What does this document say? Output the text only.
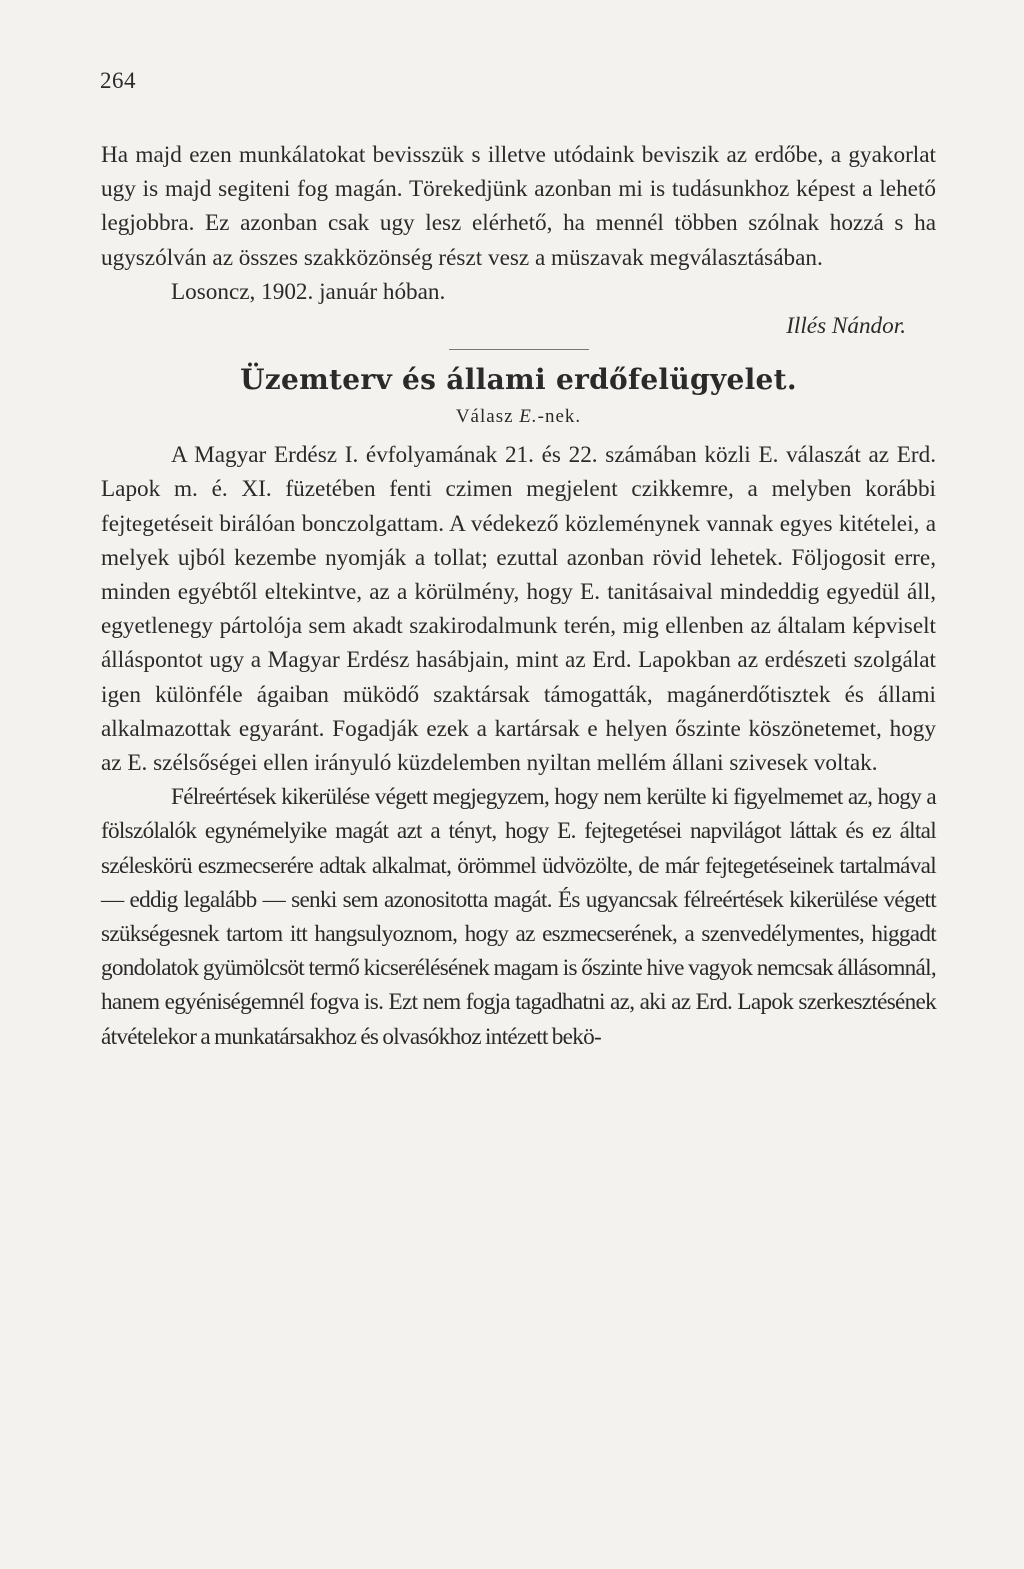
264

Ha majd ezen munkálatokat bevisszük s illetve utódaink beviszik az erdőbe, a gyakorlat ugy is majd segiteni fog magán. Törekedjünk azonban mi is tudásunkhoz képest a lehető legjobbra. Ez azonban csak ugy lesz elérhető, ha mennél többen szólnak hozzá s ha ugyszólván az összes szakközönség részt vesz a müszavak megválasztásában.

Losoncz, 1902. január hóban.

Illés Nándor.

Üzemterv és állami erdőfelügyelet.
Válasz E.-nek.

A Magyar Erdész I. évfolyamának 21. és 22. számában közli E. válaszát az Erd. Lapok m. é. XI. füzetében fenti czimen megjelent czikkemre, a melyben korábbi fejtegetéseit birálóan bonczolgattam. A védekező közleménynek vannak egyes kitételei, a melyek ujból kezembe nyomják a tollat; ezuttal azonban rövid lehetek. Följogosit erre, minden egyébtől eltekintve, az a körülmény, hogy E. tanitásaival mindeddig egyedül áll, egyetlenegy pártolója sem akadt szakirodalmunk terén, mig ellenben az általam képviselt álláspontot ugy a Magyar Erdész hasábjain, mint az Erd. Lapokban az erdészeti szolgálat igen különféle ágaiban müködő szaktársak támogatták, magánerdőtisztek és állami alkalmazottak egyaránt. Fogadják ezek a kartársak e helyen őszinte köszönetemet, hogy az E. szélsőségei ellen irányuló küzdelemben nyiltan mellém állani szivesek voltak.

Félreértések kikerülése végett megjegyzem, hogy nem kerülte ki figyelmemet az, hogy a fölszólalók egynémelyike magát azt a tényt, hogy E. fejtegetései napvilágot láttak és ez által széleskörü eszmecserére adtak alkalmat, örömmel üdvözölte, de már fejtegetéseinek tartalmával — eddig legalább — senki sem azonositotta magát. És ugyancsak félreértések kikerülése végett szükségesnek tartom itt hangsulyoznom, hogy az eszmecserének, a szenvedélymentes, higgadt gondolatok gyümölcsöt termő kicserélésének magam is őszinte hive vagyok nemcsak állásomnál, hanem egyéniségemnél fogva is. Ezt nem fogja tagadhatni az, aki az Erd. Lapok szerkesztésének átvételekor a munkatársakhoz és olvasókhoz intézett bekö-
